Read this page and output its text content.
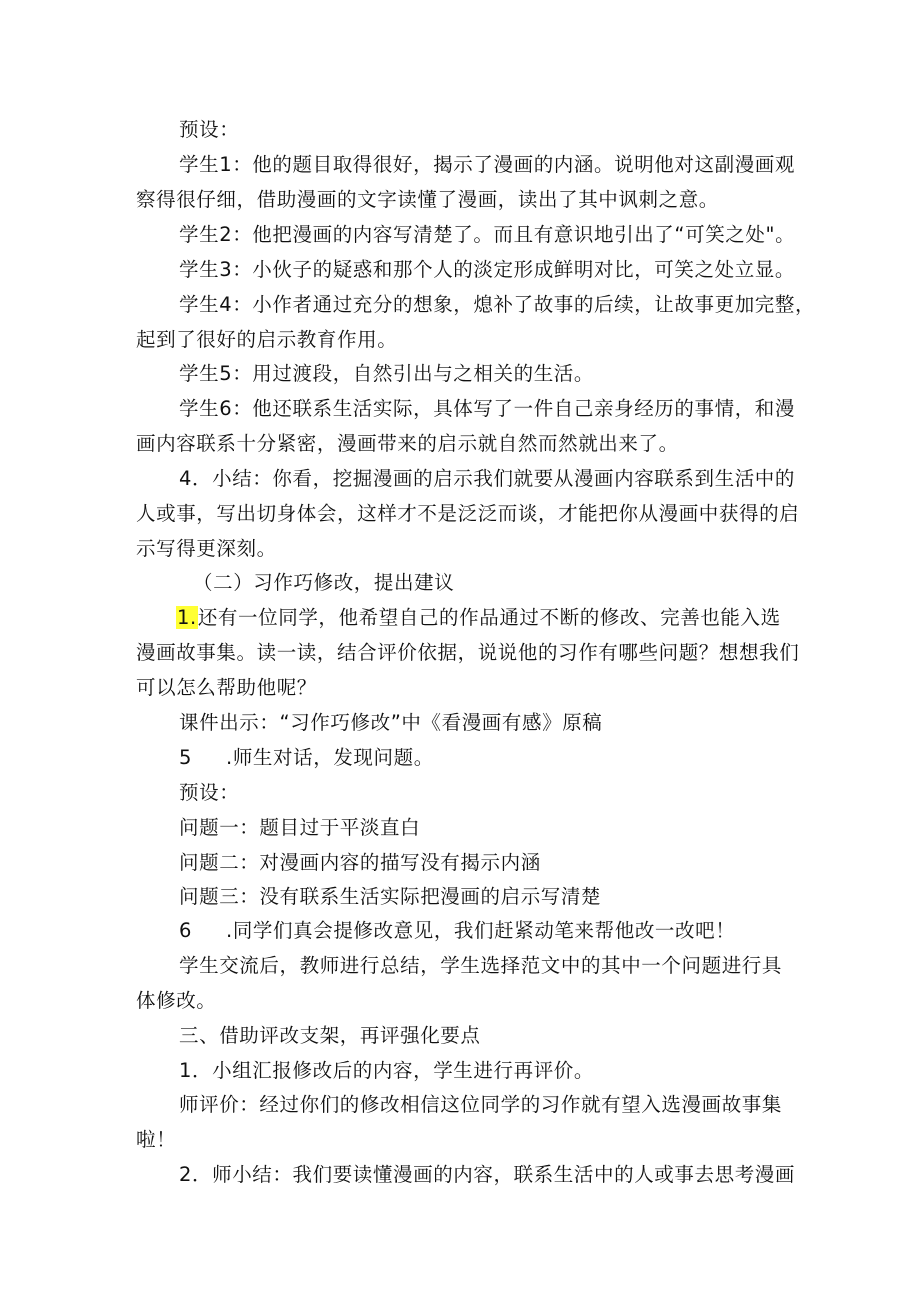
预设：
学生1：他的题目取得很好，揭示了漫画的内涵。说明他对这副漫画观
察得很仔细，借助漫画的文字读懂了漫画，读出了其中讽刺之意。
学生2：他把漫画的内容写清楚了。而且有意识地引出了“可笑之处"。
学生3：小伙子的疑惑和那个人的淡定形成鲜明对比，可笑之处立显。
学生4：小作者通过充分的想象，熄补了故事的后续，让故事更加完整，
起到了很好的启示教育作用。
学生5：用过渡段，自然引出与之相关的生活。
学生6：他还联系生活实际，具体写了一件自己亲身经历的事情，和漫
画内容联系十分紧密，漫画带来的启示就自然而然就出来了。
4．小结：你看，挖掘漫画的启示我们就要从漫画内容联系到生活中的
人或事，写出切身体会，这样才不是泛泛而谈，才能把你从漫画中获得的启
示写得更深刻。
（二）习作巧修改，提出建议
1.还有一位同学，他希望自己的作品通过不断的修改、完善也能入选
漫画故事集。读一读，结合评价依据，说说他的习作有哪些问题？想想我们
可以怎么帮助他呢？
课件出示：“习作巧修改”中《看漫画有感》原稿
5 .师生对话，发现问题。
预设：
问题一：题目过于平淡直白
问题二：对漫画内容的描写没有揭示内涵
问题三：没有联系生活实际把漫画的启示写清楚
6 .同学们真会提修改意见，我们赶紧动笔来帮他改一改吧！
学生交流后，教师进行总结，学生选择范文中的其中一个问题进行具
体修改。
三、借助评改支架，再评强化要点
1．小组汇报修改后的内容，学生进行再评价。
师评价：经过你们的修改相信这位同学的习作就有望入选漫画故事集
啦！
2．师小结：我们要读懂漫画的内容，联系生活中的人或事去思考漫画
